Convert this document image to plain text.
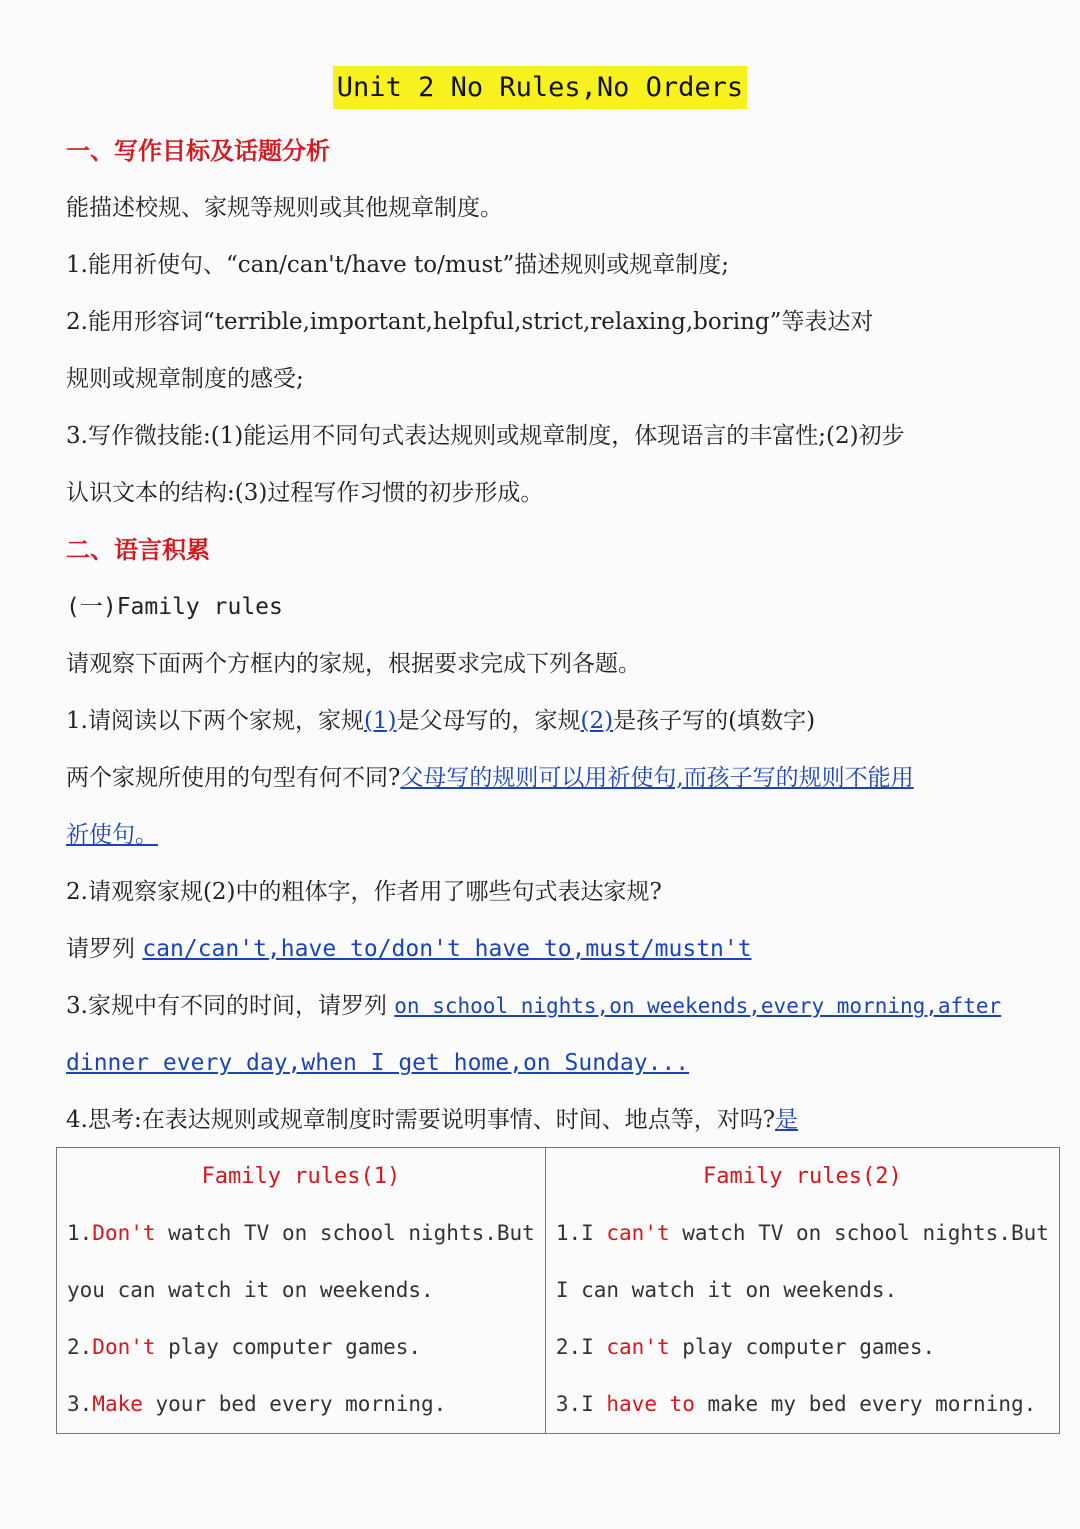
Unit 2 No Rules,No Orders
一、写作目标及话题分析
能描述校规、家规等规则或其他规章制度。
1.能用祈使句、“can/can't/have to/must”描述规则或规章制度;
2.能用形容词“terrible,important,helpful,strict,relaxing,boring”等表达对
规则或规章制度的感受;
3.写作微技能:(1)能运用不同句式表达规则或规章制度，体现语言的丰富性;(2)初步
认识文本的结构:(3)过程写作习惯的初步形成。
二、语言积累
(一)Family rules
请观察下面两个方框内的家规，根据要求完成下列各题。
1.请阅读以下两个家规，家规(1)是父母写的，家规(2)是孩子写的(填数字)
两个家规所使用的句型有何不同?父母写的规则可以用祈使句,而孩子写的规则不能用
祈使句。
2.请观察家规(2)中的粗体字，作者用了哪些句式表达家规?
请罗列 can/can't,have to/don't have to,must/mustn't
3.家规中有不同的时间，请罗列 on school nights,on weekends,every morning,after
dinner every day,when I get home,on Sunday...
4.思考:在表达规则或规章制度时需要说明事情、时间、地点等，对吗?是
Family rules(1)
1.Don't watch TV on school nights.But
you can watch it on weekends.
2.Don't play computer games.
3.Make your bed every morning.

Family rules(2)
1.I can't watch TV on school nights.But
I can watch it on weekends.
2.I can't play computer games.
3.I have to make my bed every morning.
